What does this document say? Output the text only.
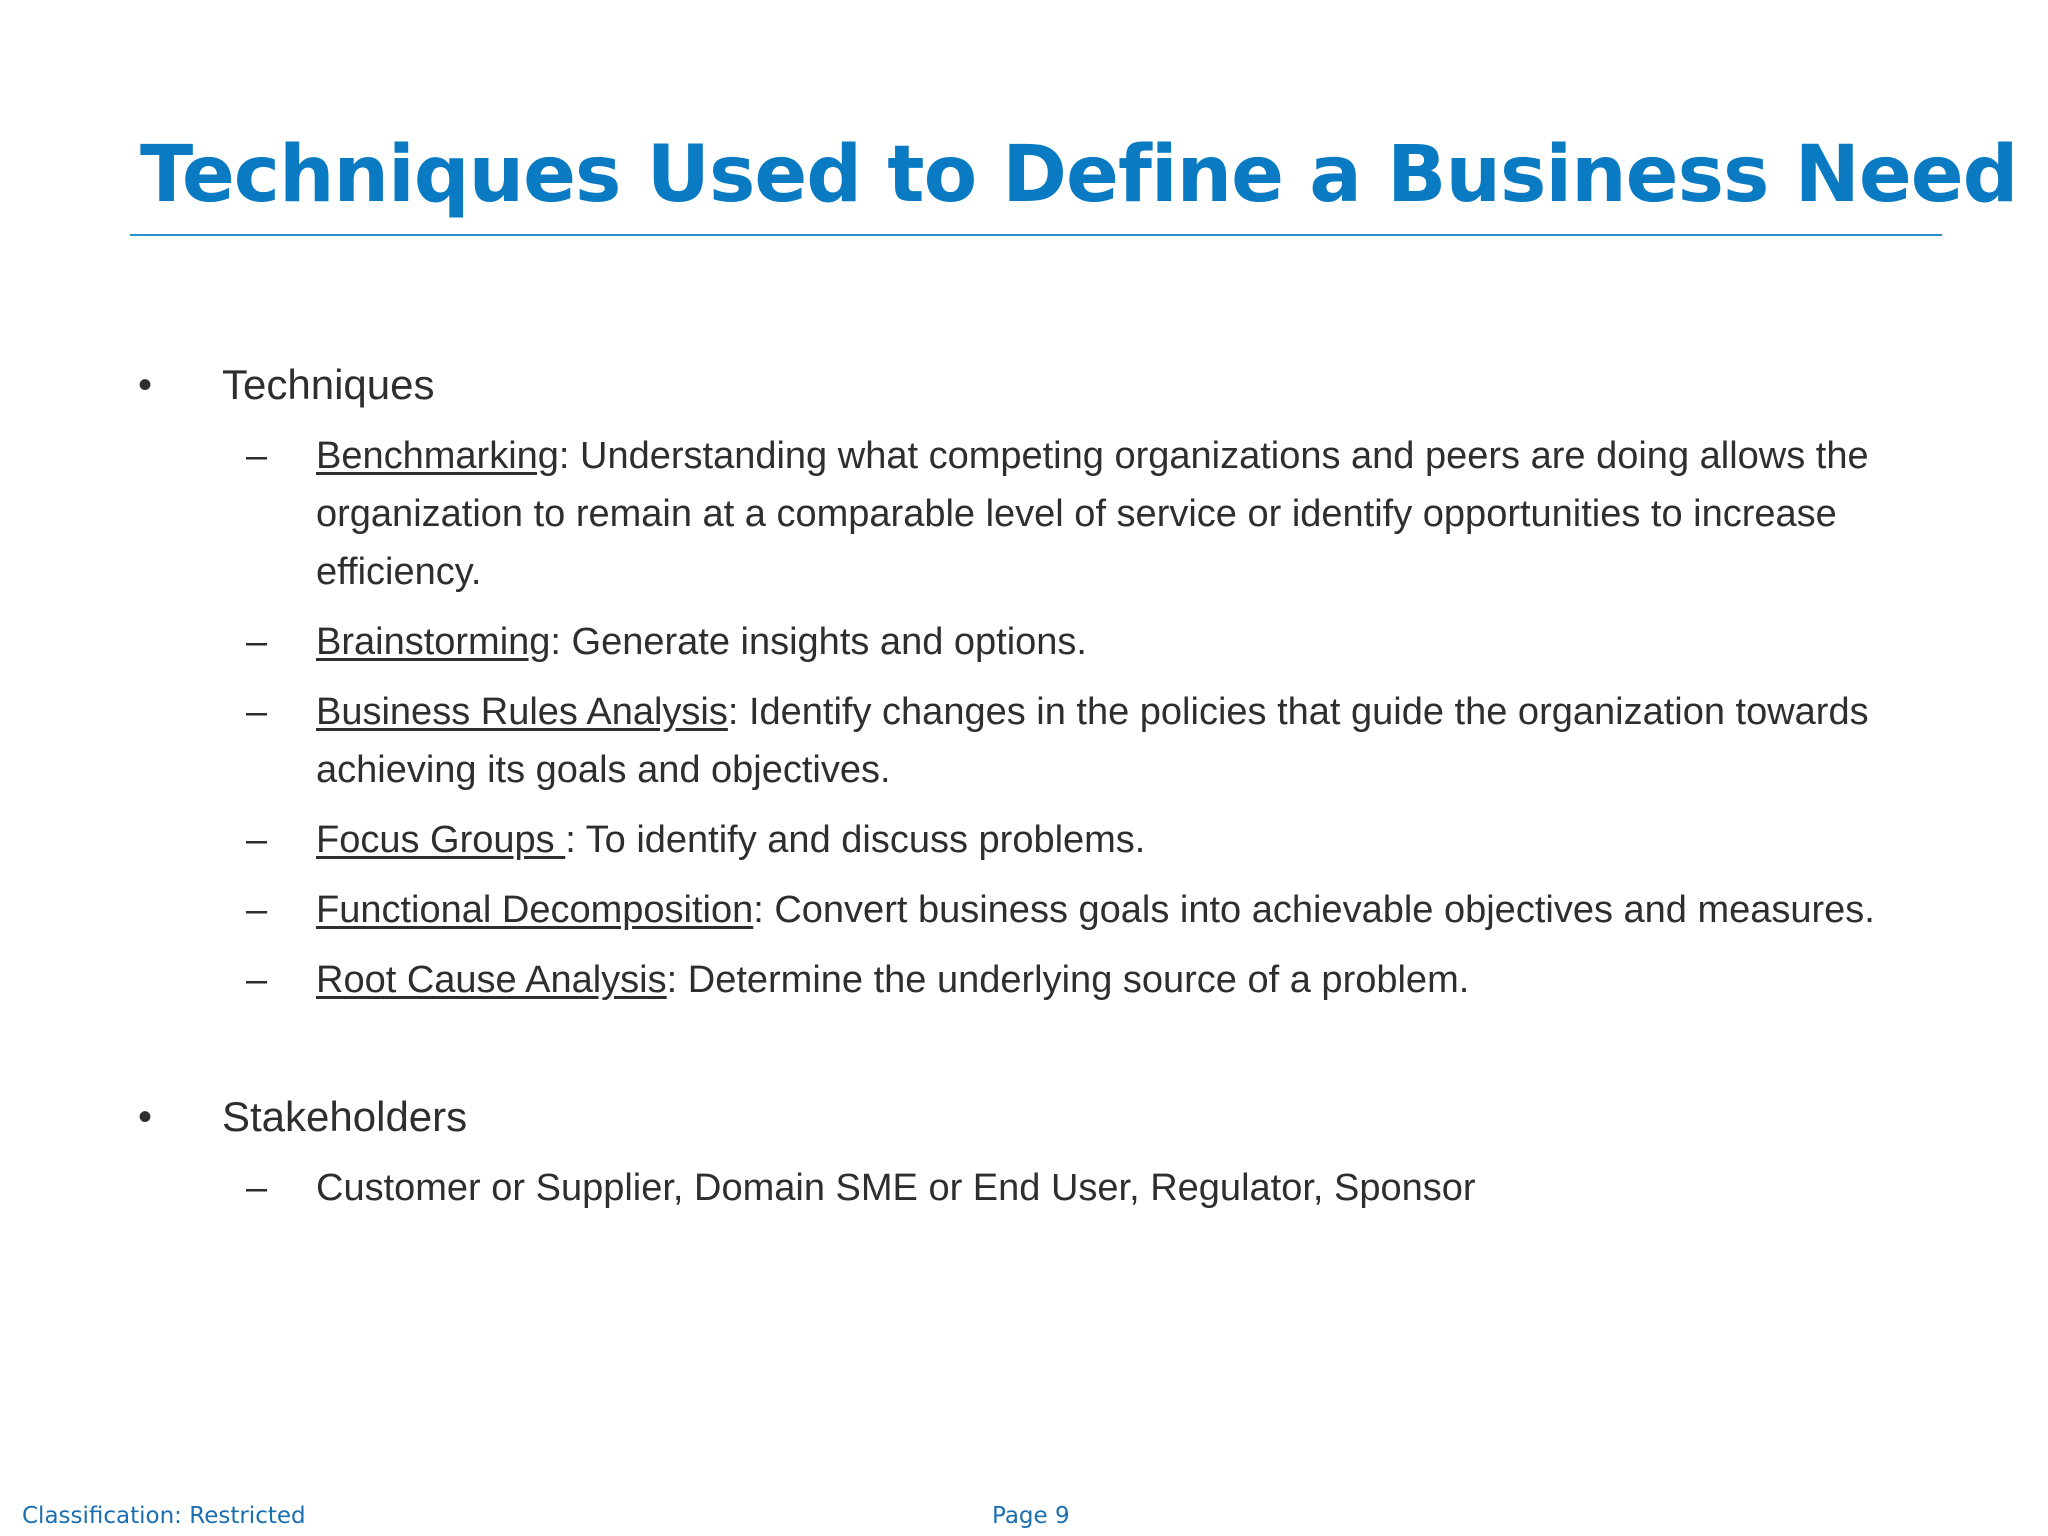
Techniques Used to Define a Business Need
• Techniques
– Benchmarking: Understanding what competing organizations and peers are doing allows the organization to remain at a comparable level of service or identify opportunities to increase efficiency.
– Brainstorming: Generate insights and options.
– Business Rules Analysis: Identify changes in the policies that guide the organization towards achieving its goals and objectives.
– Focus Groups : To identify and discuss problems.
– Functional Decomposition: Convert business goals into achievable objectives and measures.
– Root Cause Analysis: Determine the underlying source of a problem.
• Stakeholders
– Customer or Supplier, Domain SME or End User, Regulator, Sponsor
Classification: Restricted	Page 9
